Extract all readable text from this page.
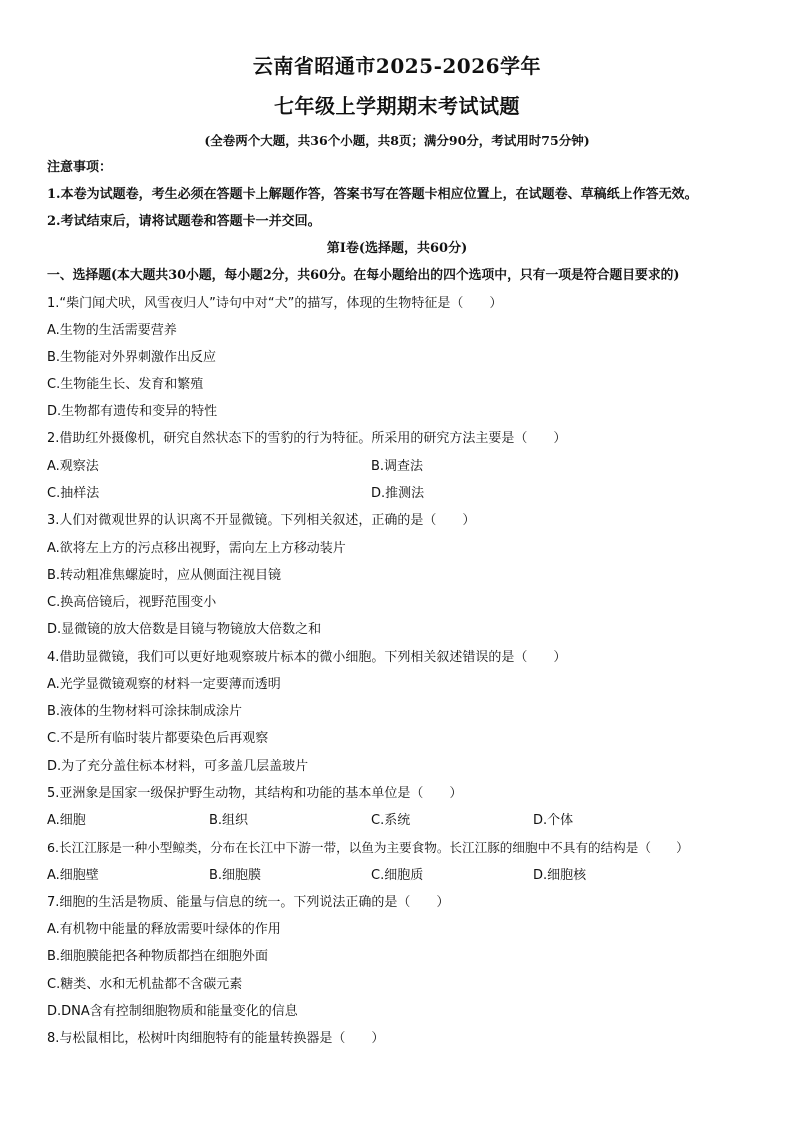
云南省昭通市2025-2026学年
七年级上学期期末考试试题
(全卷两个大题，共36个小题，共8页；满分90分，考试用时75分钟)
注意事项：
1.本卷为试题卷，考生必须在答题卡上解题作答，答案书写在答题卡相应位置上，在试题卷、草稿纸上作答无效。
2.考试结束后，请将试题卷和答题卡一并交回。
第Ⅰ卷(选择题，共60分)
一、选择题(本大题共30小题，每小题2分，共60分。在每小题给出的四个选项中，只有一项是符合题目要求的)
1.“柴门闻犬吠，风雪夜归人”诗句中对“犬”的描写，体现的生物特征是（　　）
A.生物的生活需要营养
B.生物能对外界刺激作出反应
C.生物能生长、发育和繁殖
D.生物都有遗传和变异的特性
2.借助红外摄像机，研究自然状态下的雪豹的行为特征。所采用的研究方法主要是（　　）
A.观察法	B.调查法
C.抽样法	D.推测法
3.人们对微观世界的认识离不开显微镜。下列相关叙述，正确的是（　　）
A.欲将左上方的污点移出视野，需向左上方移动装片
B.转动粗准焦螺旋时，应从侧面注视目镜
C.换高倍镜后，视野范围变小
D.显微镜的放大倍数是目镜与物镜放大倍数之和
4.借助显微镜，我们可以更好地观察玻片标本的微小细胞。下列相关叙述错误的是（　　）
A.光学显微镜观察的材料一定要薄而透明
B.液体的生物材料可涂抹制成涂片
C.不是所有临时装片都要染色后再观察
D.为了充分盖住标本材料，可多盖几层盖玻片
5.亚洲象是国家一级保护野生动物，其结构和功能的基本单位是（　　）
A.细胞	B.组织	C.系统	D.个体
6.长江江豚是一种小型鲸类，分布在长江中下游一带，以鱼为主要食物。长江江豚的细胞中不具有的结构是（　　）
A.细胞壁	B.细胞膜	C.细胞质	D.细胞核
7.细胞的生活是物质、能量与信息的统一。下列说法正确的是（　　）
A.有机物中能量的释放需要叶绿体的作用
B.细胞膜能把各种物质都挡在细胞外面
C.糖类、水和无机盐都不含碳元素
D.DNA含有控制细胞物质和能量变化的信息
8.与松鼠相比，松树叶肉细胞特有的能量转换器是（　　）
